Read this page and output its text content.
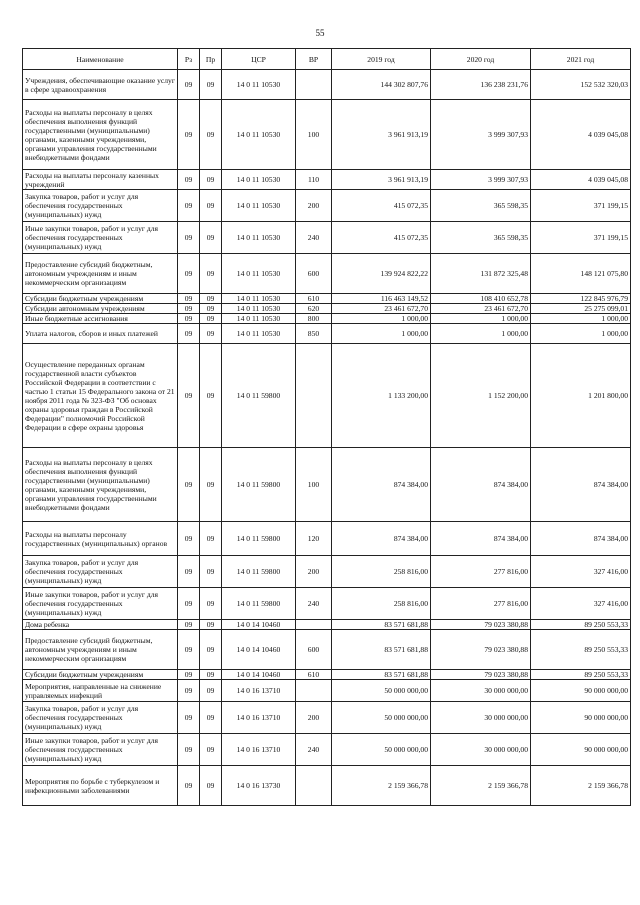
55
Наименование	Рз	Пр	ЦСР	ВР	2019 год	2020 год	2021 год
Учреждения, обеспечивающие оказание услуг в сфере здравоохранения	09	09	14 0 11 10530		144 302 807,76	136 238 231,76	152 532 320,03
Расходы на выплаты персоналу в целях обеспечения выполнения функций государственными (муниципальными) органами, казенными учреждениями, органами управления государственными внебюджетными фондами	09	09	14 0 11 10530	100	3 961 913,19	3 999 307,93	4 039 045,08
Расходы на выплаты персоналу казенных учреждений	09	09	14 0 11 10530	110	3 961 913,19	3 999 307,93	4 039 045,08
Закупка товаров, работ и услуг для обеспечения государственных (муниципальных) нужд	09	09	14 0 11 10530	200	415 072,35	365 598,35	371 199,15
Иные закупки товаров, работ и услуг для обеспечения государственных (муниципальных) нужд	09	09	14 0 11 10530	240	415 072,35	365 598,35	371 199,15
Предоставление субсидий бюджетным, автономным учреждениям и иным некоммерческим организациям	09	09	14 0 11 10530	600	139 924 822,22	131 872 325,48	148 121 075,80
Субсидии бюджетным учреждениям	09	09	14 0 11 10530	610	116 463 149,52	108 410 652,78	122 845 976,79
Субсидии автономным учреждениям	09	09	14 0 11 10530	620	23 461 672,70	23 461 672,70	25 275 099,01
Иные бюджетные ассигнования	09	09	14 0 11 10530	800	1 000,00	1 000,00	1 000,00
Уплата налогов, сборов и иных платежей	09	09	14 0 11 10530	850	1 000,00	1 000,00	1 000,00
Осуществление переданных органам государственной власти субъектов Российской Федерации в соответствии с частью 1 статьи 15 Федерального закона от 21 ноября 2011 года № 323-ФЗ "Об основах охраны здоровья граждан в Российской Федерации" полномочий Российской Федерации в сфере охраны здоровья	09	09	14 0 11 59800		1 133 200,00	1 152 200,00	1 201 800,00
Расходы на выплаты персоналу в целях обеспечения выполнения функций государственными (муниципальными) органами, казенными учреждениями, органами управления государственными внебюджетными фондами	09	09	14 0 11 59800	100	874 384,00	874 384,00	874 384,00
Расходы на выплаты персоналу государственных (муниципальных) органов	09	09	14 0 11 59800	120	874 384,00	874 384,00	874 384,00
Закупка товаров, работ и услуг для обеспечения государственных (муниципальных) нужд	09	09	14 0 11 59800	200	258 816,00	277 816,00	327 416,00
Иные закупки товаров, работ и услуг для обеспечения государственных (муниципальных) нужд	09	09	14 0 11 59800	240	258 816,00	277 816,00	327 416,00
Дома ребенка	09	09	14 0 14 10460		83 571 681,88	79 023 380,88	89 250 553,33
Предоставление субсидий бюджетным, автономным учреждениям и иным некоммерческим организациям	09	09	14 0 14 10460	600	83 571 681,88	79 023 380,88	89 250 553,33
Субсидии бюджетным учреждениям	09	09	14 0 14 10460	610	83 571 681,88	79 023 380,88	89 250 553,33
Мероприятия, направленные на снижение управляемых инфекций	09	09	14 0 16 13710		50 000 000,00	30 000 000,00	90 000 000,00
Закупка товаров, работ и услуг для обеспечения государственных (муниципальных) нужд	09	09	14 0 16 13710	200	50 000 000,00	30 000 000,00	90 000 000,00
Иные закупки товаров, работ и услуг для обеспечения государственных (муниципальных) нужд	09	09	14 0 16 13710	240	50 000 000,00	30 000 000,00	90 000 000,00
Мероприятия по борьбе с туберкулезом и инфекционными заболеваниями	09	09	14 0 16 13730		2 159 366,78	2 159 366,78	2 159 366,78
